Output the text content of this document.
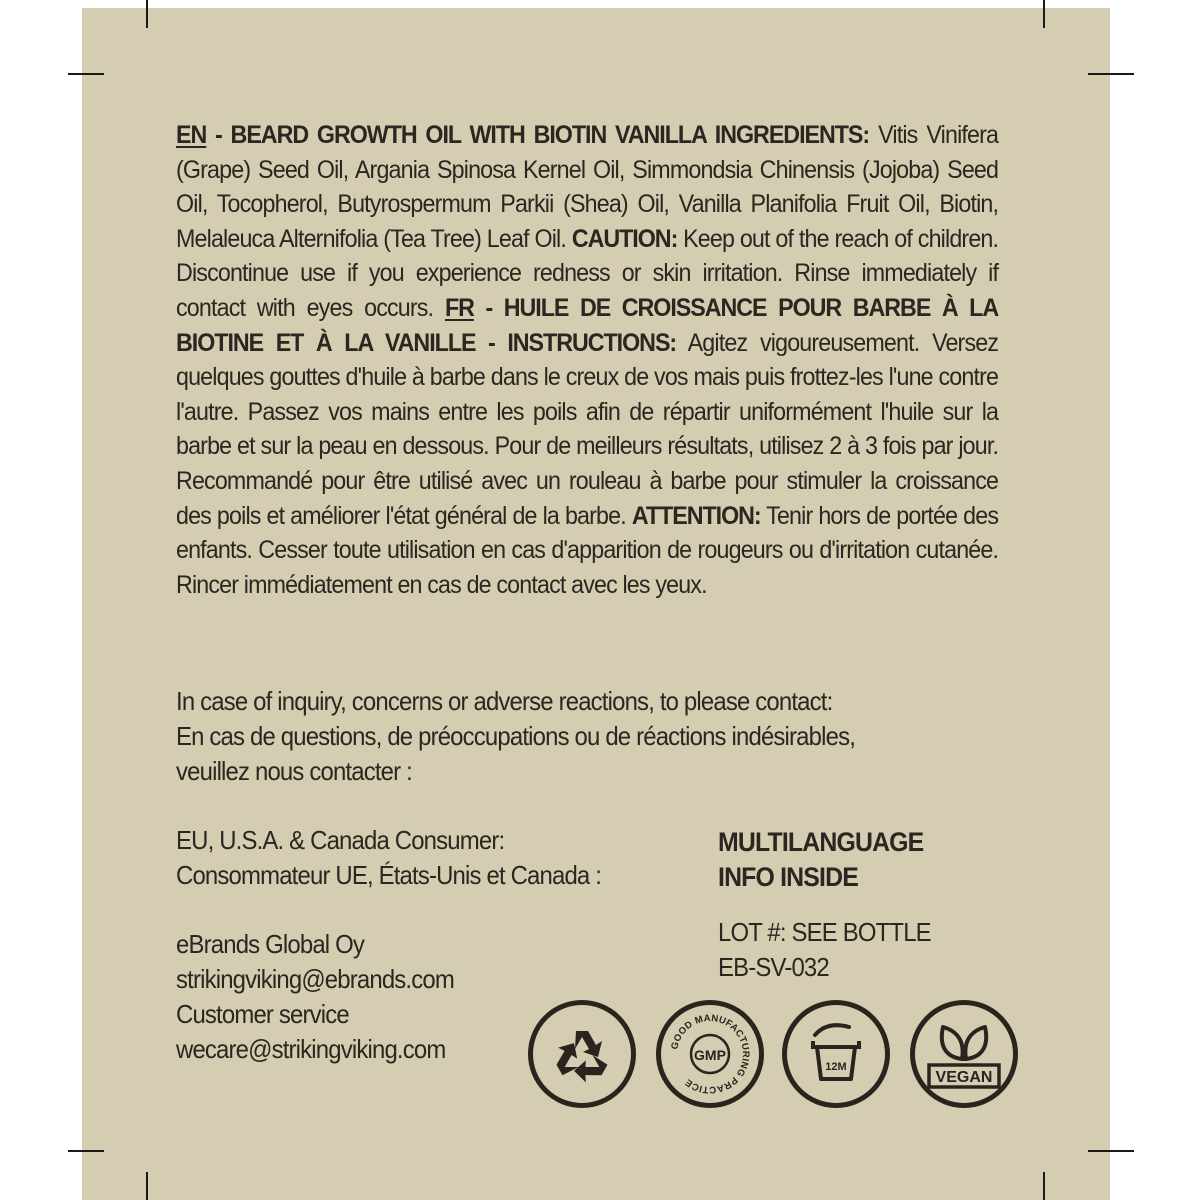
EN - BEARD GROWTH OIL WITH BIOTIN VANILLA INGREDIENTS: Vitis Vinifera (Grape) Seed Oil, Argania Spinosa Kernel Oil, Simmondsia Chinensis (Jojoba) Seed Oil, Tocopherol, Butyrospermum Parkii (Shea) Oil, Vanilla Planifolia Fruit Oil, Biotin, Melaleuca Alternifolia (Tea Tree) Leaf Oil. CAUTION: Keep out of the reach of children. Discontinue use if you experience redness or skin irritation. Rinse immediately if contact with eyes occurs. FR - HUILE DE CROISSANCE POUR BARBE À LA BIOTINE ET À LA VANILLE - INSTRUCTIONS: Agitez vigoureusement. Versez quelques gouttes d'huile à barbe dans le creux de vos mais puis frottez-les l'une contre l'autre. Passez vos mains entre les poils afin de répartir uniformément l'huile sur la barbe et sur la peau en dessous. Pour de meilleurs résultats, utilisez 2 à 3 fois par jour. Recommandé pour être utilisé avec un rouleau à barbe pour stimuler la croissance des poils et améliorer l'état général de la barbe. ATTENTION: Tenir hors de portée des enfants. Cesser toute utilisation en cas d'apparition de rougeurs ou d'irritation cutanée. Rincer immédiatement en cas de contact avec les yeux.
In case of inquiry, concerns or adverse reactions, to please contact:
En cas de questions, de préoccupations ou de réactions indésirables,
veuillez nous contacter :
EU, U.S.A. & Canada Consumer:
Consommateur UE, États-Unis et Canada :
eBrands Global Oy
strikingviking@ebrands.com
Customer service
wecare@strikingviking.com
MULTILANGUAGE
INFO INSIDE
LOT #: SEE BOTTLE
EB-SV-032
GMP
GOOD MANUFACTURING PRACTICE
12M
VEGAN
